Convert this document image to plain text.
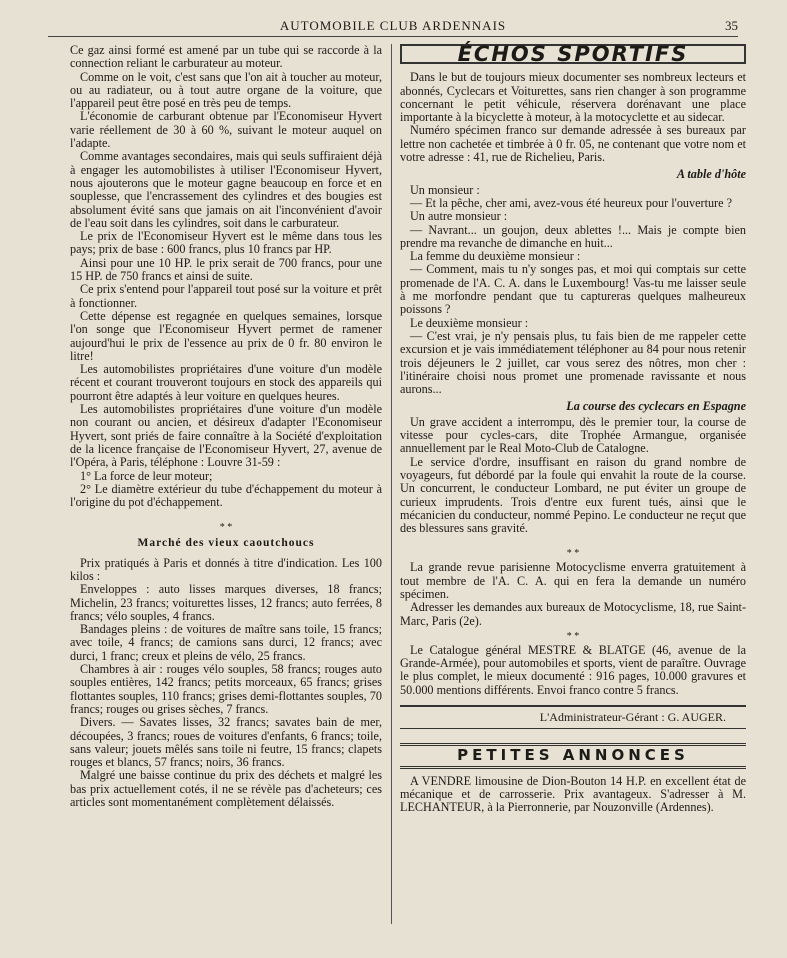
AUTOMOBILE CLUB ARDENNAIS	35

Ce gaz ainsi formé est amené par un tube qui se raccorde à la connection reliant le carburateur au moteur.

Comme on le voit, c'est sans que l'on ait à toucher au moteur, ou au radiateur, ou à tout autre organe de la voiture, que l'appareil peut être posé en très peu de temps.

L'économie de carburant obtenue par l'Economiseur Hyvert varie réellement de 30 à 60 %, suivant le moteur auquel on l'adapte.

Comme avantages secondaires, mais qui seuls suffiraient déjà à engager les automobilistes à utiliser l'Economiseur Hyvert, nous ajouterons que le moteur gagne beaucoup en force et en souplesse, que l'encrassement des cylindres et des bougies est absolument évité sans que jamais on ait l'inconvénient d'avoir de l'eau soit dans les cylindres, soit dans le carburateur.

Le prix de l'Economiseur Hyvert est le même dans tous les pays; prix de base : 600 francs, plus 10 francs par HP.

Ainsi pour une 10 HP. le prix serait de 700 francs, pour une 15 HP. de 750 francs et ainsi de suite.

Ce prix s'entend pour l'appareil tout posé sur la voiture et prêt à fonctionner.

Cette dépense est regagnée en quelques semaines, lorsque l'on songe que l'Economiseur Hyvert permet de ramener aujourd'hui le prix de l'essence au prix de 0 fr. 80 environ le litre!

Les automobilistes propriétaires d'une voiture d'un modèle récent et courant trouveront toujours en stock des appareils qui pourront être adaptés à leur voiture en quelques heures.

Les automobilistes propriétaires d'une voiture d'un modèle non courant ou ancien, et désireux d'adapter l'Economiseur Hyvert, sont priés de faire connaître à la Société d'exploitation de la licence française de l'Economiseur Hyvert, 27, avenue de l'Opéra, à Paris, téléphone : Louvre 31-59 :

1° La force de leur moteur;

2° Le diamètre extérieur du tube d'échappement du moteur à l'origine du pot d'échappement.

* *
Marché des vieux caoutchoucs

Prix pratiqués à Paris et donnés à titre d'indication. Les 100 kilos :

Enveloppes : auto lisses marques diverses, 18 francs; Michelin, 23 francs; voiturettes lisses, 12 francs; auto ferrées, 8 francs; vélo souples, 4 francs.

Bandages pleins : de voitures de maître sans toile, 15 francs; avec toile, 4 francs; de camions sans durci, 12 francs; avec durci, 1 franc; creux et pleins de vélo, 25 francs.

Chambres à air : rouges vélo souples, 58 francs; rouges auto souples entières, 142 francs; petits morceaux, 65 francs; grises flottantes souples, 110 francs; grises demi-flottantes souples, 70 francs; rouges ou grises sèches, 7 francs.

Divers. — Savates lisses, 32 francs; savates bain de mer, découpées, 3 francs; roues de voitures d'enfants, 6 francs; toile, sans valeur; jouets mêlés sans toile ni feutre, 15 francs; clapets rouges et blancs, 57 francs; noirs, 36 francs.

Malgré une baisse continue du prix des déchets et malgré les bas prix actuellement cotés, il ne se révèle pas d'acheteurs; ces articles sont momentanément complètement délaissés.

ÉCHOS SPORTIFS

Dans le but de toujours mieux documenter ses nombreux lecteurs et abonnés, Cyclecars et Voiturettes, sans rien changer à son programme concernant le petit véhicule, réservera dorénavant une place importante à la bicyclette à moteur, à la motocyclette et au sidecar.

Numéro spécimen franco sur demande adressée à ses bureaux par lettre non cachetée et timbrée à 0 fr. 05, ne contenant que votre nom et votre adresse : 41, rue de Richelieu, Paris.

A table d'hôte

Un monsieur :

— Et la pêche, cher ami, avez-vous été heureux pour l'ouverture ?

Un autre monsieur :

— Navrant... un goujon, deux ablettes !... Mais je compte bien prendre ma revanche de dimanche en huit...

La femme du deuxième monsieur :

— Comment, mais tu n'y songes pas, et moi qui comptais sur cette promenade de l'A. C. A. dans le Luxembourg! Vas-tu me laisser seule à me morfondre pendant que tu captureras quelques malheureux poissons ?

Le deuxième monsieur :

— C'est vrai, je n'y pensais plus, tu fais bien de me rappeler cette excursion et je vais immédiatement téléphoner au 84 pour nous retenir trois déjeuners le 2 juillet, car vous serez des nôtres, mon cher : l'itinéraire choisi nous promet une promenade ravissante et nous aurons...

La course des cyclecars en Espagne

Un grave accident a interrompu, dès le premier tour, la course de vitesse pour cycles-cars, dite Trophée Armangue, organisée annuellement par le Real Moto-Club de Catalogne.

Le service d'ordre, insuffisant en raison du grand nombre de voyageurs, fut débordé par la foule qui envahit la route de la course. Un concurrent, le conducteur Lombard, ne put éviter un groupe de curieux imprudents. Trois d'entre eux furent tués, ainsi que le mécanicien du conducteur, nommé Pepino. Le conducteur ne reçut que des blessures sans gravité.

* *

La grande revue parisienne Motocyclisme enverra gratuitement à tout membre de l'A. C. A. qui en fera la demande un numéro spécimen.

Adresser les demandes aux bureaux de Motocyclisme, 18, rue Saint-Marc, Paris (2e).

* *

Le Catalogue général MESTRE & BLATGE (46, avenue de la Grande-Armée), pour automobiles et sports, vient de paraître. Ouvrage le plus complet, le mieux documenté : 916 pages, 10.000 gravures et 50.000 mentions différents. Envoi franco contre 5 francs.

L'Administrateur-Gérant : G. AUGER.
PETITES ANNONCES

A VENDRE limousine de Dion-Bouton 14 H.P. en excellent état de mécanique et de carrosserie. Prix avantageux. S'adresser à M. LECHANTEUR, à la Pierronnerie, par Nouzonville (Ardennes).
